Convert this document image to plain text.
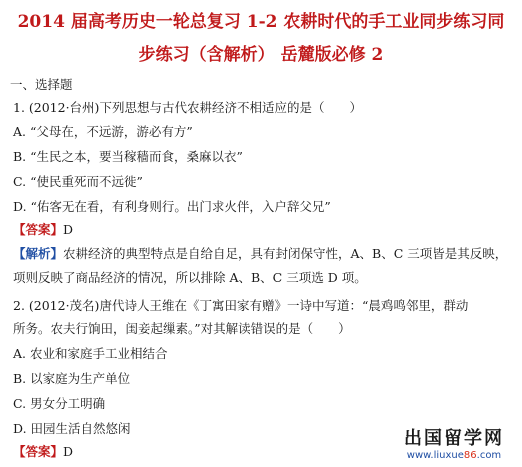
2014 届高考历史一轮总复习 1-2 农耕时代的手工业同步练习同
步练习（含解析） 岳麓版必修 2
一、选择题
1. (2012·台州)下列思想与古代农耕经济不相适应的是（　　）
A. “父母在，不远游，游必有方”
B. “生民之本，要当稼穑而食，桑麻以衣”
C. “使民重死而不远徙”
D. “佑客无在看，有利身则行。出门求火伴，入户辞父兄”
【答案】D
【解析】农耕经济的典型特点是自给自足，具有封闭保守性，A、B、C 三项皆是其反映，
项则反映了商品经济的情况，所以排除 A、B、C 三项选 D 项。
2. (2012·茂名)唐代诗人王维在《丁寓田家有赠》一诗中写道：“晨鸡鸣邻里，群动
所务。农夫行饷田，闺妾起缫素。”对其解读错误的是（　　）
A. 农业和家庭手工业相结合
B. 以家庭为生产单位
C. 男女分工明确
D. 田园生活自然悠闲
【答案】D
出国留学网
www.liuxue86.com
